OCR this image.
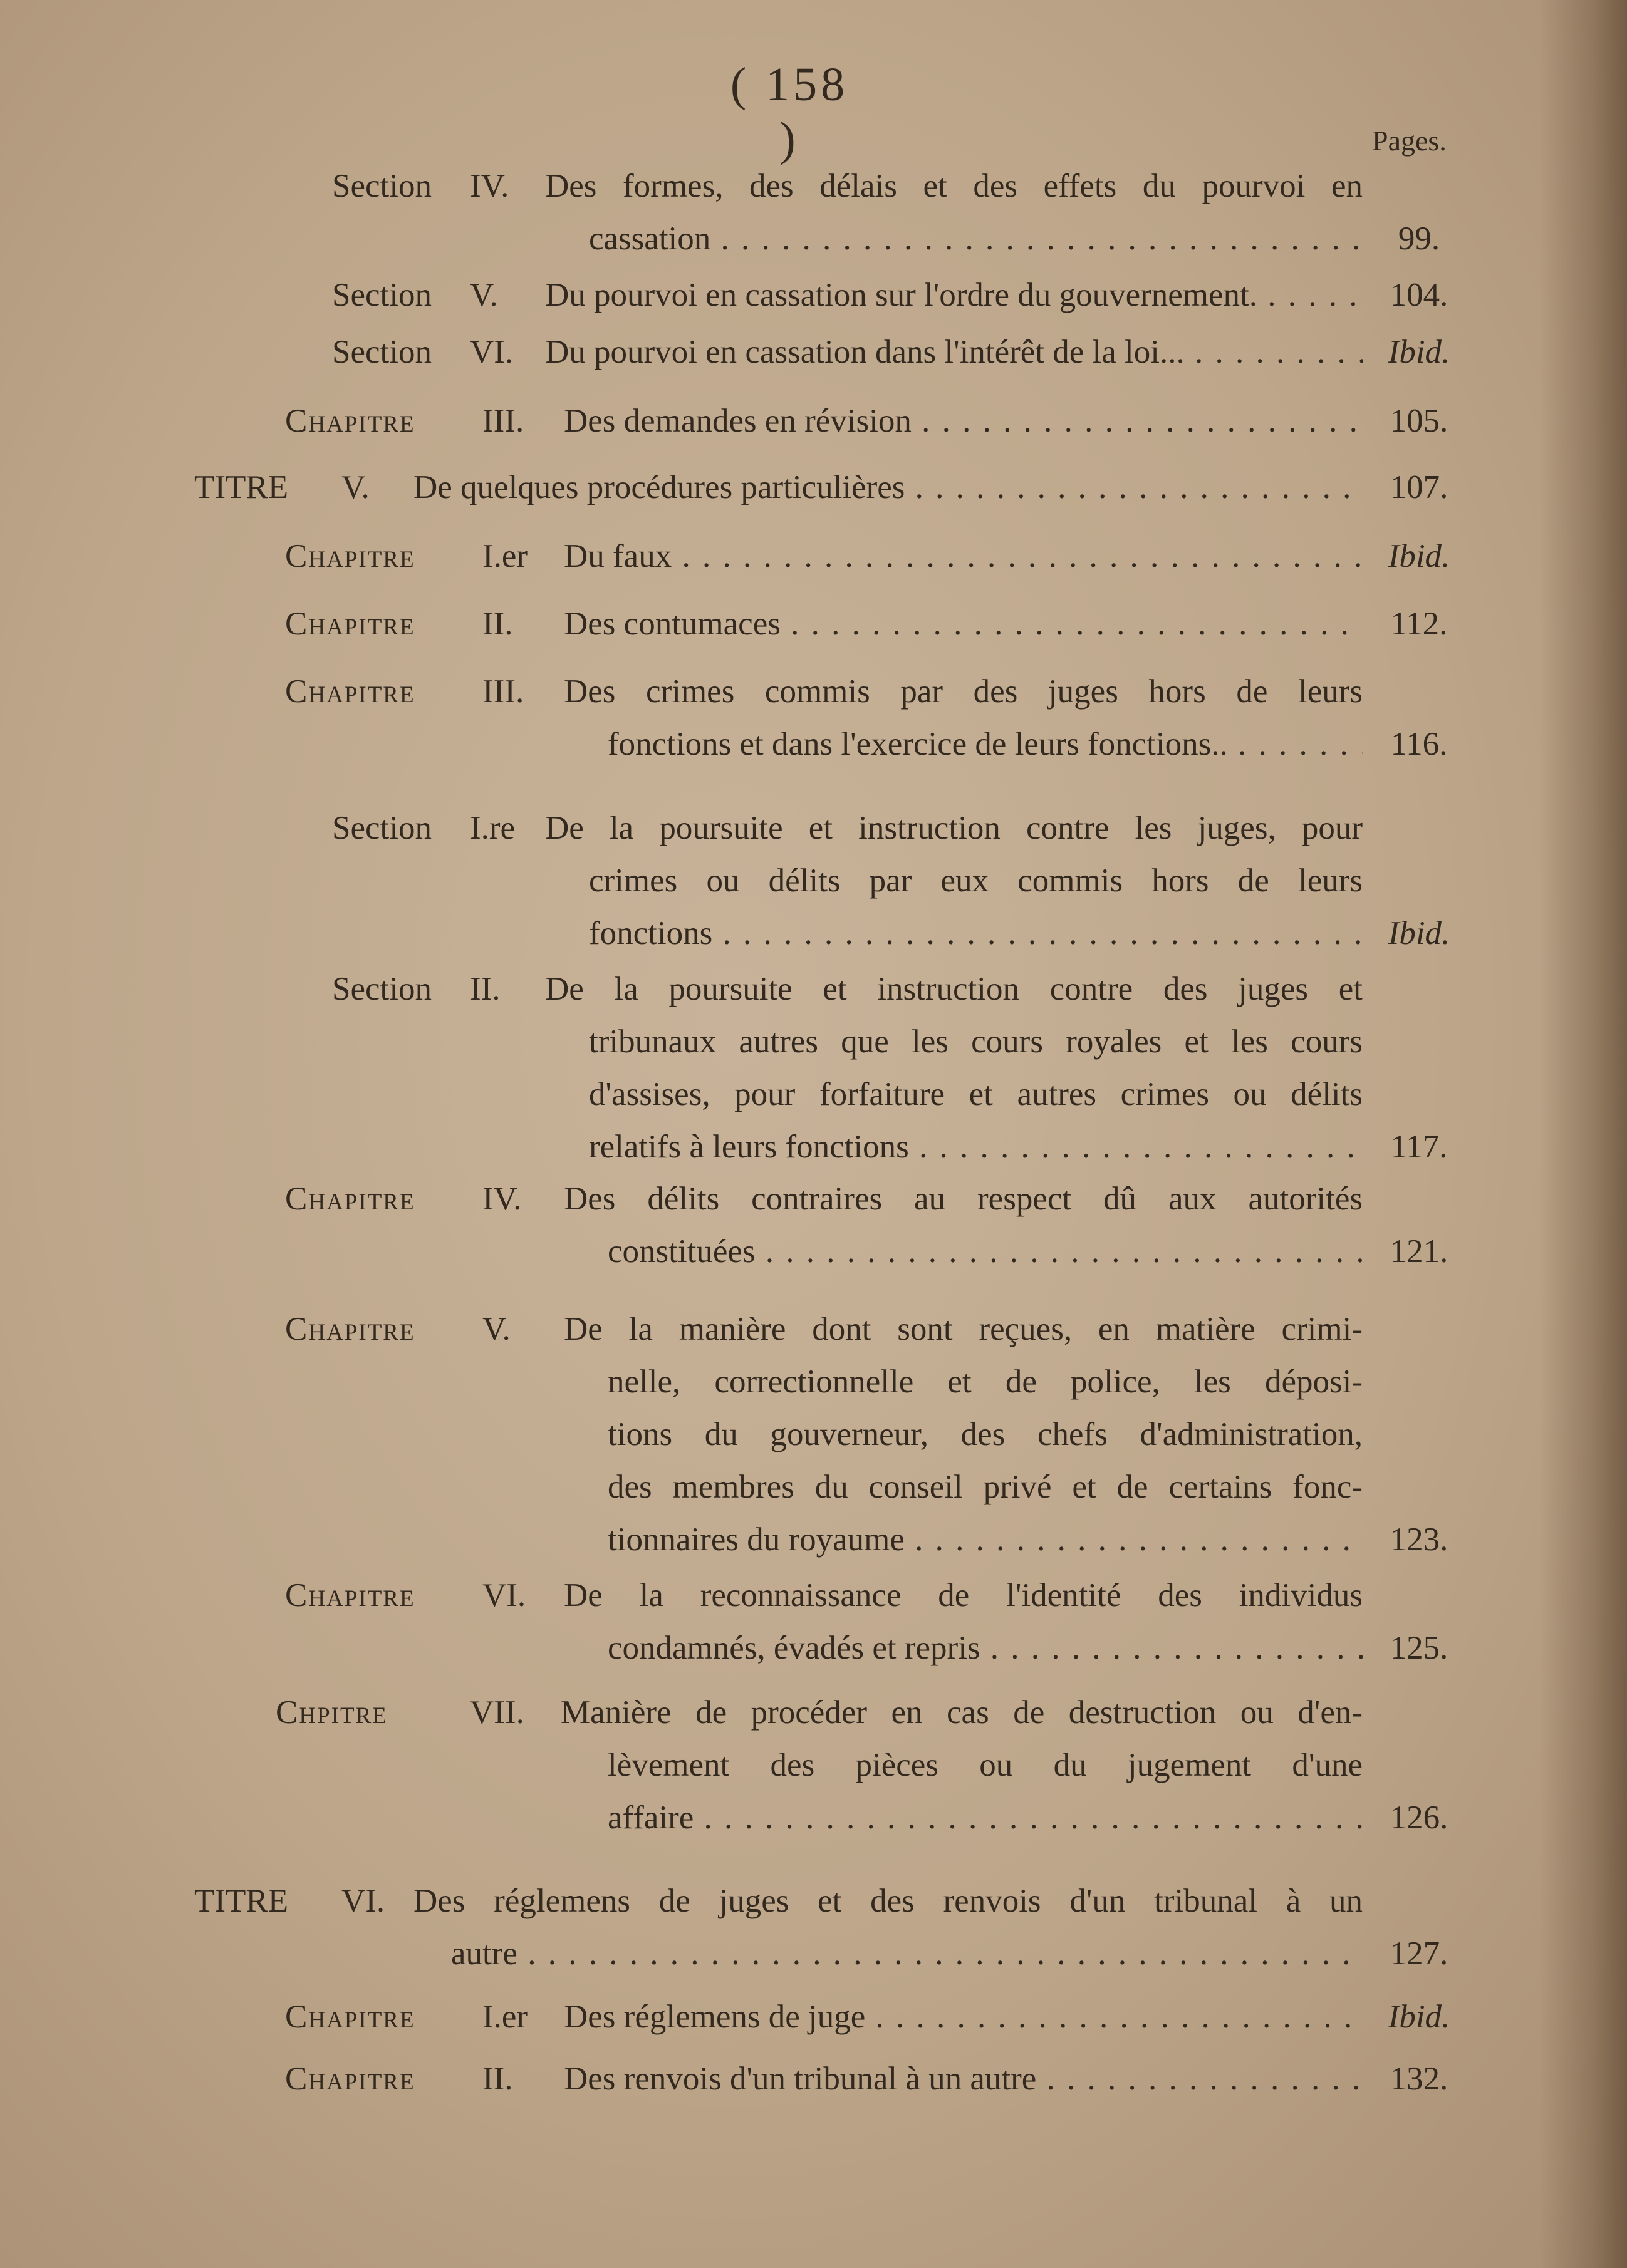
( 158 )	Pages.
Section IV. Des formes, des délais et des effets du pourvoi en
cassation . . .	99.
Section V. Du pourvoi en cassation sur l'ordre du gouvernement. . . .	104.
Section VI. Du pourvoi en cassation dans l'intérêt de la loi... . . .	Ibid.
Chapitre III. Des demandes en révision . . .	105.
TITRE V. De quelques procédures particulières . . .	107.
Chapitre I.er Du faux . . .	Ibid.
Chapitre II. Des contumaces . . .	112.
Chapitre III. Des crimes commis par des juges hors de leurs
fonctions et dans l'exercice de leurs fonctions.. . . .	116.
Section I.re De la poursuite et instruction contre les juges, pour
crimes ou délits par eux commis hors de leurs
fonctions . . .	Ibid.
Section II. De la poursuite et instruction contre des juges et
tribunaux autres que les cours royales et les cours
d'assises, pour forfaiture et autres crimes ou délits
relatifs à leurs fonctions . . .	117.
Chapitre IV. Des délits contraires au respect dû aux autorités
constituées . . .	121.
Chapitre V. De la manière dont sont reçues, en matière crimi-
nelle, correctionnelle et de police, les déposi-
tions du gouverneur, des chefs d'administration,
des membres du conseil privé et de certains fonc-
tionnaires du royaume . . .	123.
Chapitre VI. De la reconnaissance de l'identité des individus
condamnés, évadés et repris . . .	125.
Chpitre VII. Manière de procéder en cas de destruction ou d'en-
lèvement des pièces ou du jugement d'une
affaire . . .	126.
TITRE VI. Des réglemens de juges et des renvois d'un tribunal à un
autre . . .	127.
Chapitre I.er Des réglemens de juge . . .	Ibid.
Chapitre II. Des renvois d'un tribunal à un autre . . .	132.
